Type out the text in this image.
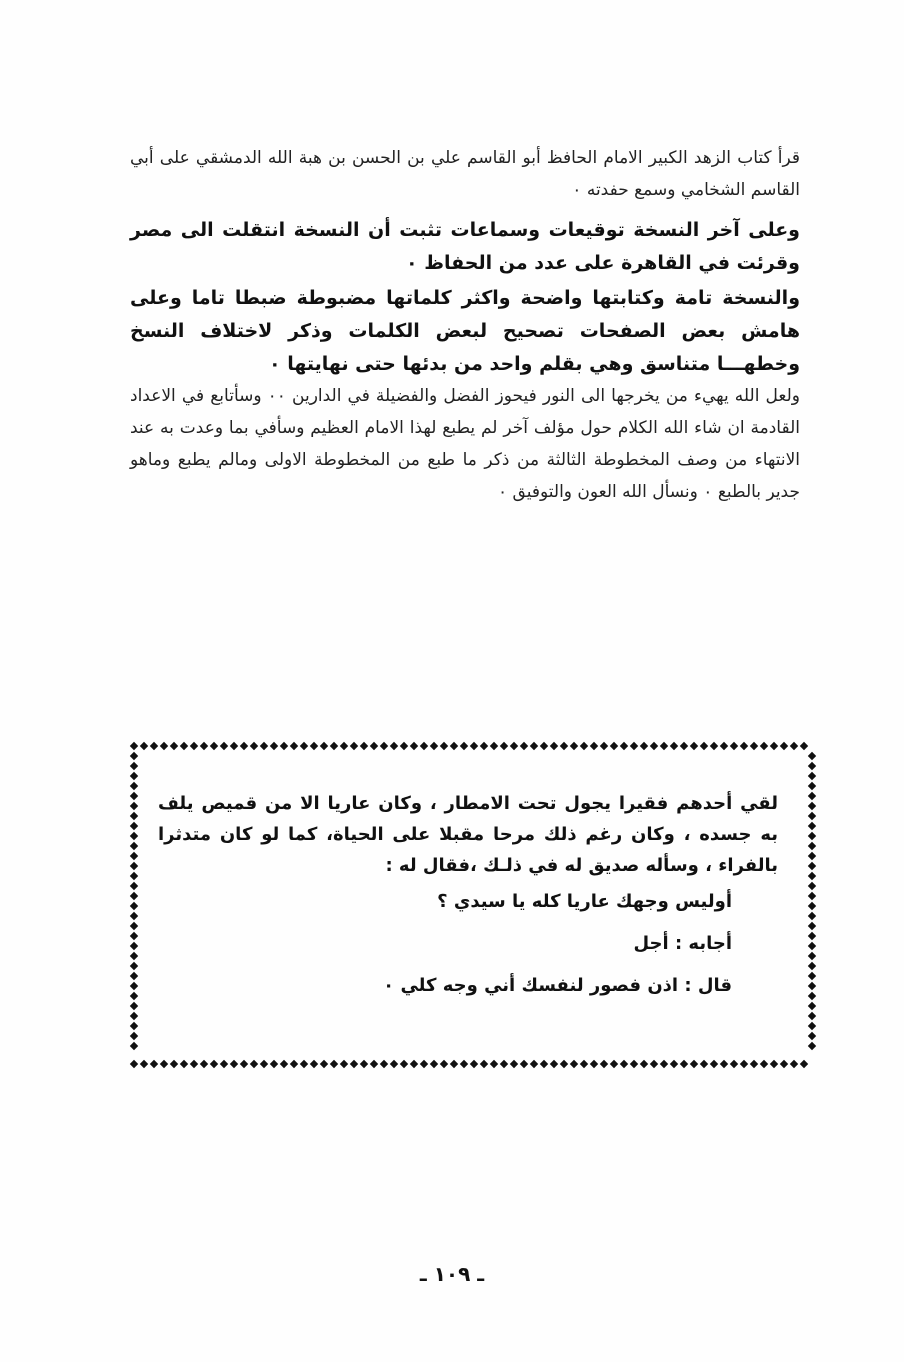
قرأ كتاب الزهد الكبير الامام الحافظ أبو القاسم علي بن الحسن بن هبة الله الدمشقي على أبي القاسم الشخامي وسمع حفدته ٠

وعلى آخر النسخة توقيعات وسماعات تثبت أن النسخة انتقلت الى مصر وقرئت في القاهرة على عدد من الحفاظ ٠

والنسخة تامة وكتابتها واضحة واكثر كلماتها مضبوطة ضبطا تاما وعلى هامش بعض الصفحات تصحيح لبعض الكلمات وذكر لاختلاف النسخ وخطهـــا متناسق وهي بقلم واحد من بدئها حتى نهايتها ٠

ولعل الله يهيء من يخرجها الى النور فيحوز الفضل والفضيلة في الدارين ٠٠ وسأتابع في الاعداد القادمة ان شاء الله الكلام حول مؤلف آخر لم يطبع لهذا الامام العظيم وسأفي بما وعدت به عند الانتهاء من وصف المخطوطة الثالثة من ذكر ما طبع من المخطوطة الاولى ومالم يطبع وماهو جدير بالطبع ٠ ونسأل الله العون والتوفيق ٠

لقي أحدهم فقيرا يجول تحت الامطار ، وكان عاريا الا من قميص يلف به جسده ، وكان رغم ذلك مرحا مقبلا على الحياة، كما لو كان متدثرا بالفراء ، وسأله صديق له في ذلـك ،فقال له :

أوليس وجهك عاريا كله يا سيدي ؟

أجابه : أجل

قال : اذن فصور لنفسك أني وجه كلي ٠

ـ ١٠٩ ـ
